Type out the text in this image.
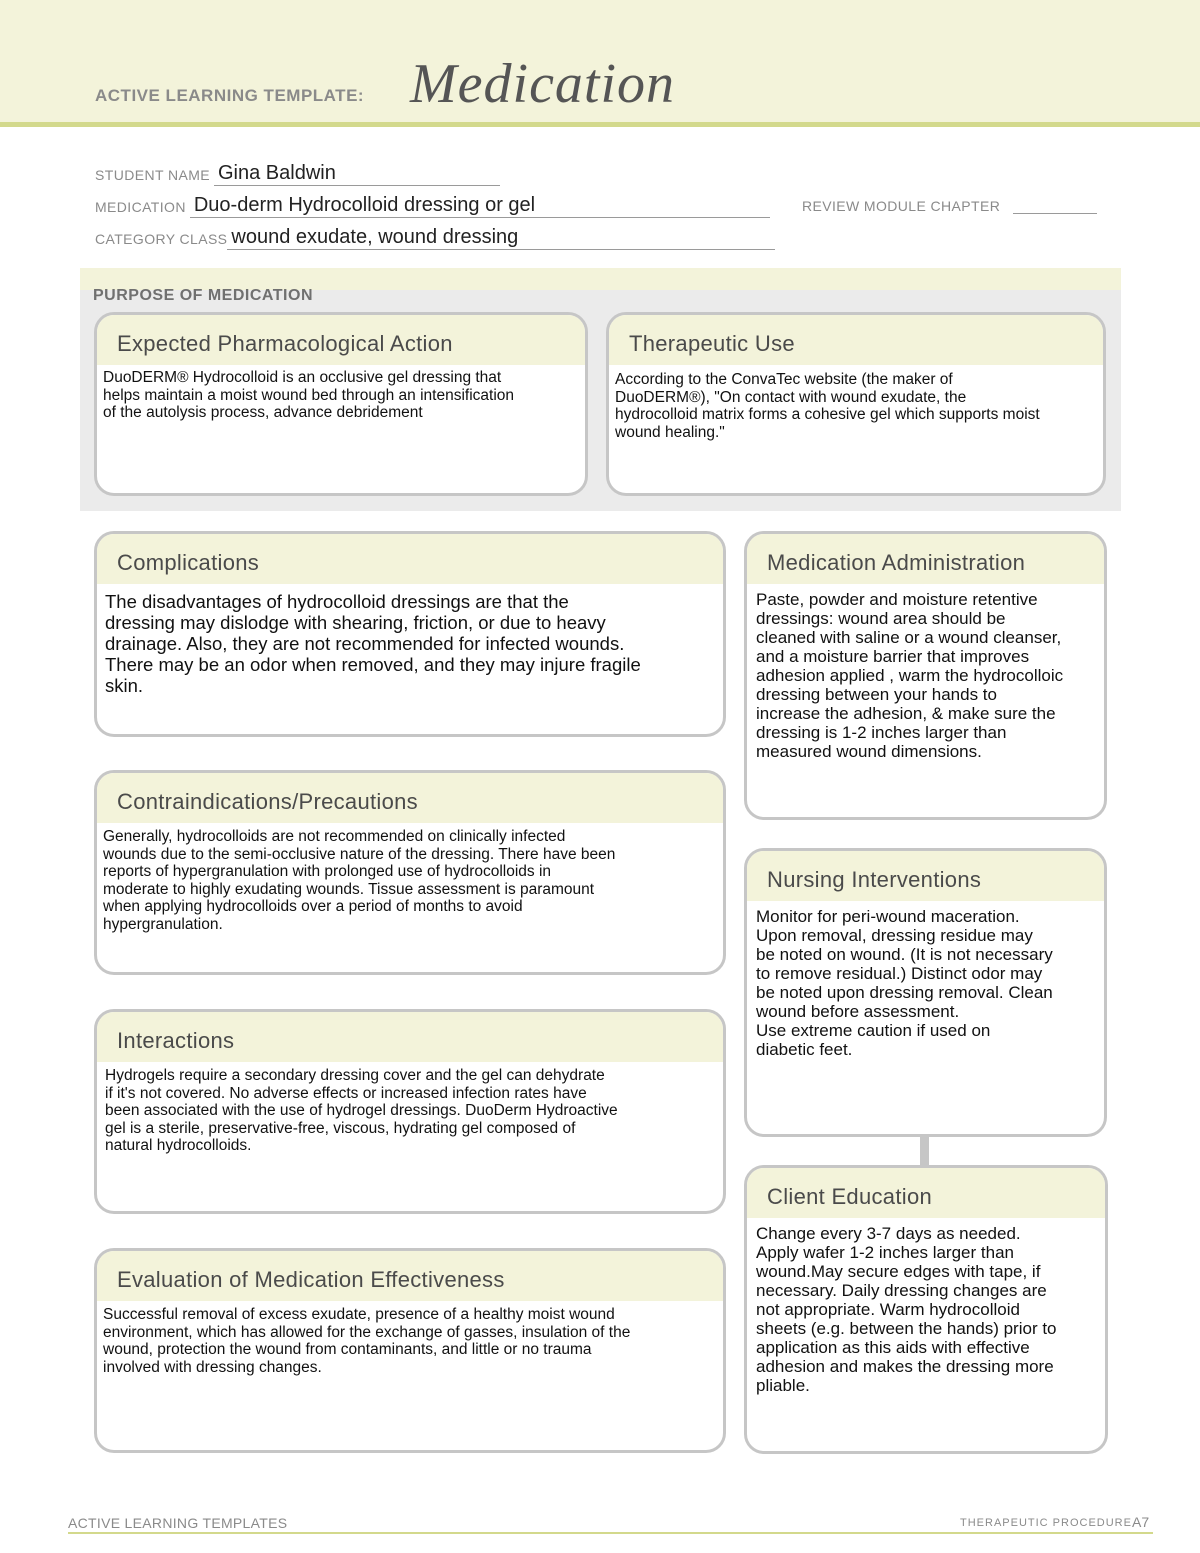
ACTIVE LEARNING TEMPLATE: Medication
STUDENT NAME Gina Baldwin
MEDICATION Duo-derm Hydrocolloid dressing or gel	REVIEW MODULE CHAPTER
CATEGORY CLASS wound exudate, wound dressing
PURPOSE OF MEDICATION
Expected Pharmacological Action
DuoDERM® Hydrocolloid is an occlusive gel dressing that
helps maintain a moist wound bed through an intensification
of the autolysis process, advance debridement
Therapeutic Use
According to the ConvaTec website (the maker of
DuoDERM®), "On contact with wound exudate, the
hydrocolloid matrix forms a cohesive gel which supports moist
wound healing."
Complications
The disadvantages of hydrocolloid dressings are that the
dressing may dislodge with shearing, friction, or due to heavy
drainage. Also, they are not recommended for infected wounds.
There may be an odor when removed, and they may injure fragile
skin.
Medication Administration
Paste, powder and moisture retentive
dressings: wound area should be
cleaned with saline or a wound cleanser,
and a moisture barrier that improves
adhesion applied , warm the hydrocolloic
dressing between your hands to
increase the adhesion, & make sure the
dressing is 1-2 inches larger than
measured wound dimensions.
Contraindications/Precautions
Generally, hydrocolloids are not recommended on clinically infected
wounds due to the semi-occlusive nature of the dressing. There have been
reports of hypergranulation with prolonged use of hydrocolloids in
moderate to highly exudating wounds. Tissue assessment is paramount
when applying hydrocolloids over a period of months to avoid
hypergranulation.
Nursing Interventions
Monitor for peri-wound maceration.
Upon removal, dressing residue may
be noted on wound. (It is not necessary
to remove residual.) Distinct odor may
be noted upon dressing removal. Clean
wound before assessment.
Use extreme caution if used on
diabetic feet.
Interactions
Hydrogels require a secondary dressing cover and the gel can dehydrate
if it's not covered. No adverse effects or increased infection rates have
been associated with the use of hydrogel dressings. DuoDerm Hydroactive
gel is a sterile, preservative-free, viscous, hydrating gel composed of
natural hydrocolloids.
Client Education
Change every 3-7 days as needed.
Apply wafer 1-2 inches larger than
wound.May secure edges with tape, if
necessary. Daily dressing changes are
not appropriate. Warm hydrocolloid
sheets (e.g. between the hands) prior to
application as this aids with effective
adhesion and makes the dressing more
pliable.
Evaluation of Medication Effectiveness
Successful removal of excess exudate, presence of a healthy moist wound
environment, which has allowed for the exchange of gasses, insulation of the
wound, protection the wound from contaminants, and little or no trauma
involved with dressing changes.
ACTIVE LEARNING TEMPLATES	THERAPEUTIC PROCEDURE A7
